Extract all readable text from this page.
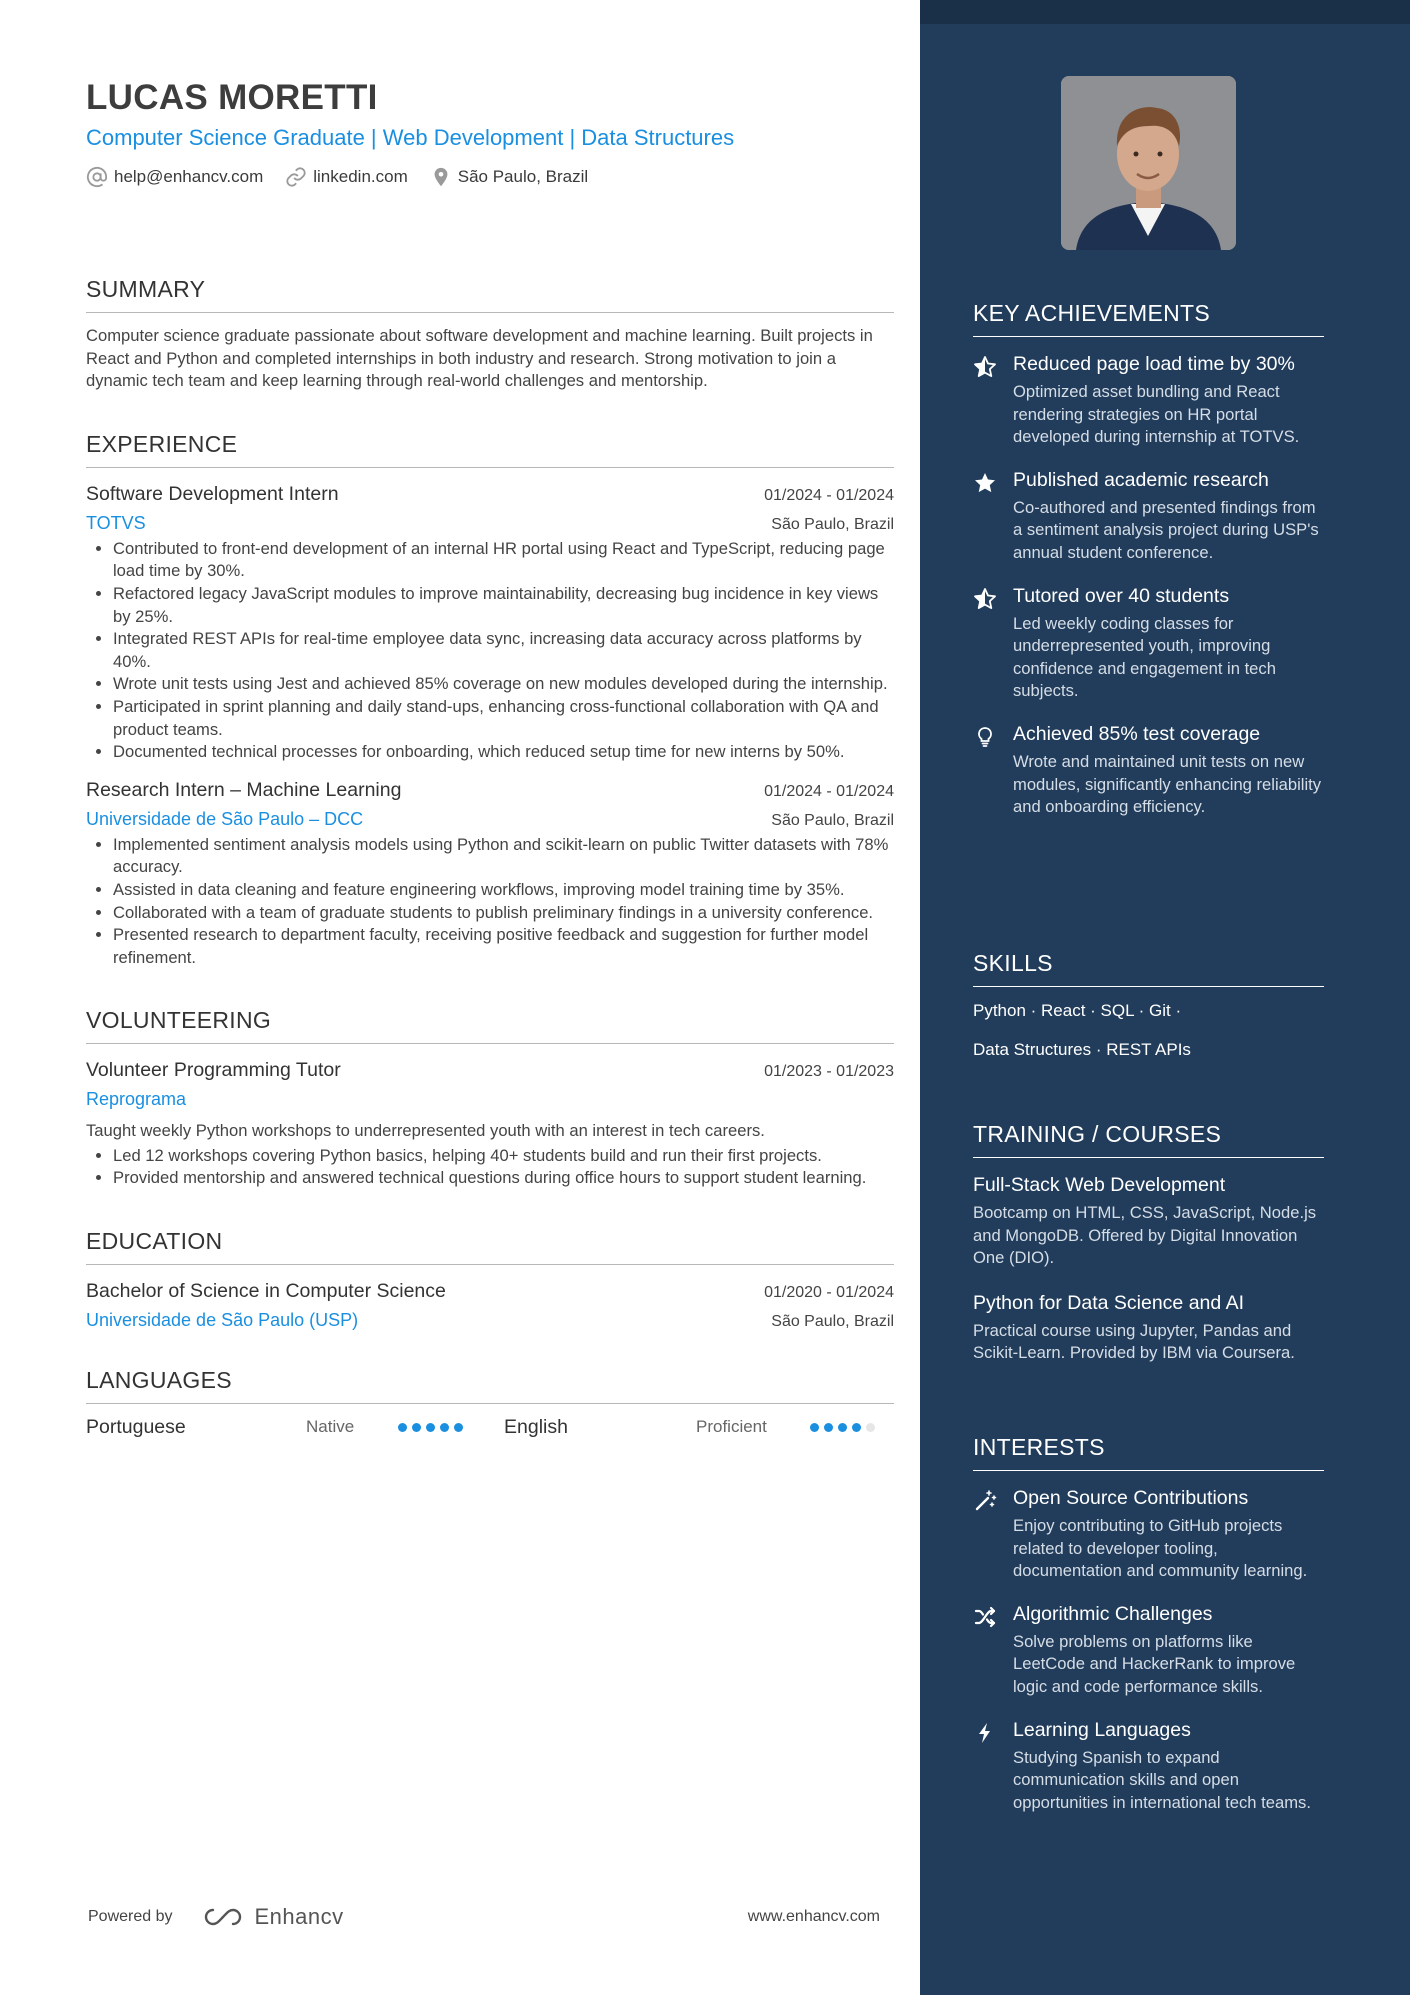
LUCAS MORETTI
Computer Science Graduate | Web Development | Data Structures
help@enhancv.com	linkedin.com	São Paulo, Brazil
SUMMARY
Computer science graduate passionate about software development and machine learning. Built projects in React and Python and completed internships in both industry and research. Strong motivation to join a dynamic tech team and keep learning through real-world challenges and mentorship.
EXPERIENCE
Software Development Intern	01/2024 - 01/2024
TOTVS	São Paulo, Brazil
• Contributed to front-end development of an internal HR portal using React and TypeScript, reducing page load time by 30%.
• Refactored legacy JavaScript modules to improve maintainability, decreasing bug incidence in key views by 25%.
• Integrated REST APIs for real-time employee data sync, increasing data accuracy across platforms by 40%.
• Wrote unit tests using Jest and achieved 85% coverage on new modules developed during the internship.
• Participated in sprint planning and daily stand-ups, enhancing cross-functional collaboration with QA and product teams.
• Documented technical processes for onboarding, which reduced setup time for new interns by 50%.
Research Intern – Machine Learning	01/2024 - 01/2024
Universidade de São Paulo – DCC	São Paulo, Brazil
• Implemented sentiment analysis models using Python and scikit-learn on public Twitter datasets with 78% accuracy.
• Assisted in data cleaning and feature engineering workflows, improving model training time by 35%.
• Collaborated with a team of graduate students to publish preliminary findings in a university conference.
• Presented research to department faculty, receiving positive feedback and suggestion for further model refinement.
VOLUNTEERING
Volunteer Programming Tutor	01/2023 - 01/2023
Reprograma
Taught weekly Python workshops to underrepresented youth with an interest in tech careers.
• Led 12 workshops covering Python basics, helping 40+ students build and run their first projects.
• Provided mentorship and answered technical questions during office hours to support student learning.
EDUCATION
Bachelor of Science in Computer Science	01/2020 - 01/2024
Universidade de São Paulo (USP)	São Paulo, Brazil
LANGUAGES
Portuguese	Native	English	Proficient
Powered by	Enhancv	www.enhancv.com
KEY ACHIEVEMENTS
Reduced page load time by 30%
Optimized asset bundling and React rendering strategies on HR portal developed during internship at TOTVS.
Published academic research
Co-authored and presented findings from a sentiment analysis project during USP's annual student conference.
Tutored over 40 students
Led weekly coding classes for underrepresented youth, improving confidence and engagement in tech subjects.
Achieved 85% test coverage
Wrote and maintained unit tests on new modules, significantly enhancing reliability and onboarding efficiency.
SKILLS
Python · React · SQL · Git ·
Data Structures · REST APIs
TRAINING / COURSES
Full-Stack Web Development
Bootcamp on HTML, CSS, JavaScript, Node.js and MongoDB. Offered by Digital Innovation One (DIO).
Python for Data Science and AI
Practical course using Jupyter, Pandas and Scikit-Learn. Provided by IBM via Coursera.
INTERESTS
Open Source Contributions
Enjoy contributing to GitHub projects related to developer tooling, documentation and community learning.
Algorithmic Challenges
Solve problems on platforms like LeetCode and HackerRank to improve logic and code performance skills.
Learning Languages
Studying Spanish to expand communication skills and open opportunities in international tech teams.
